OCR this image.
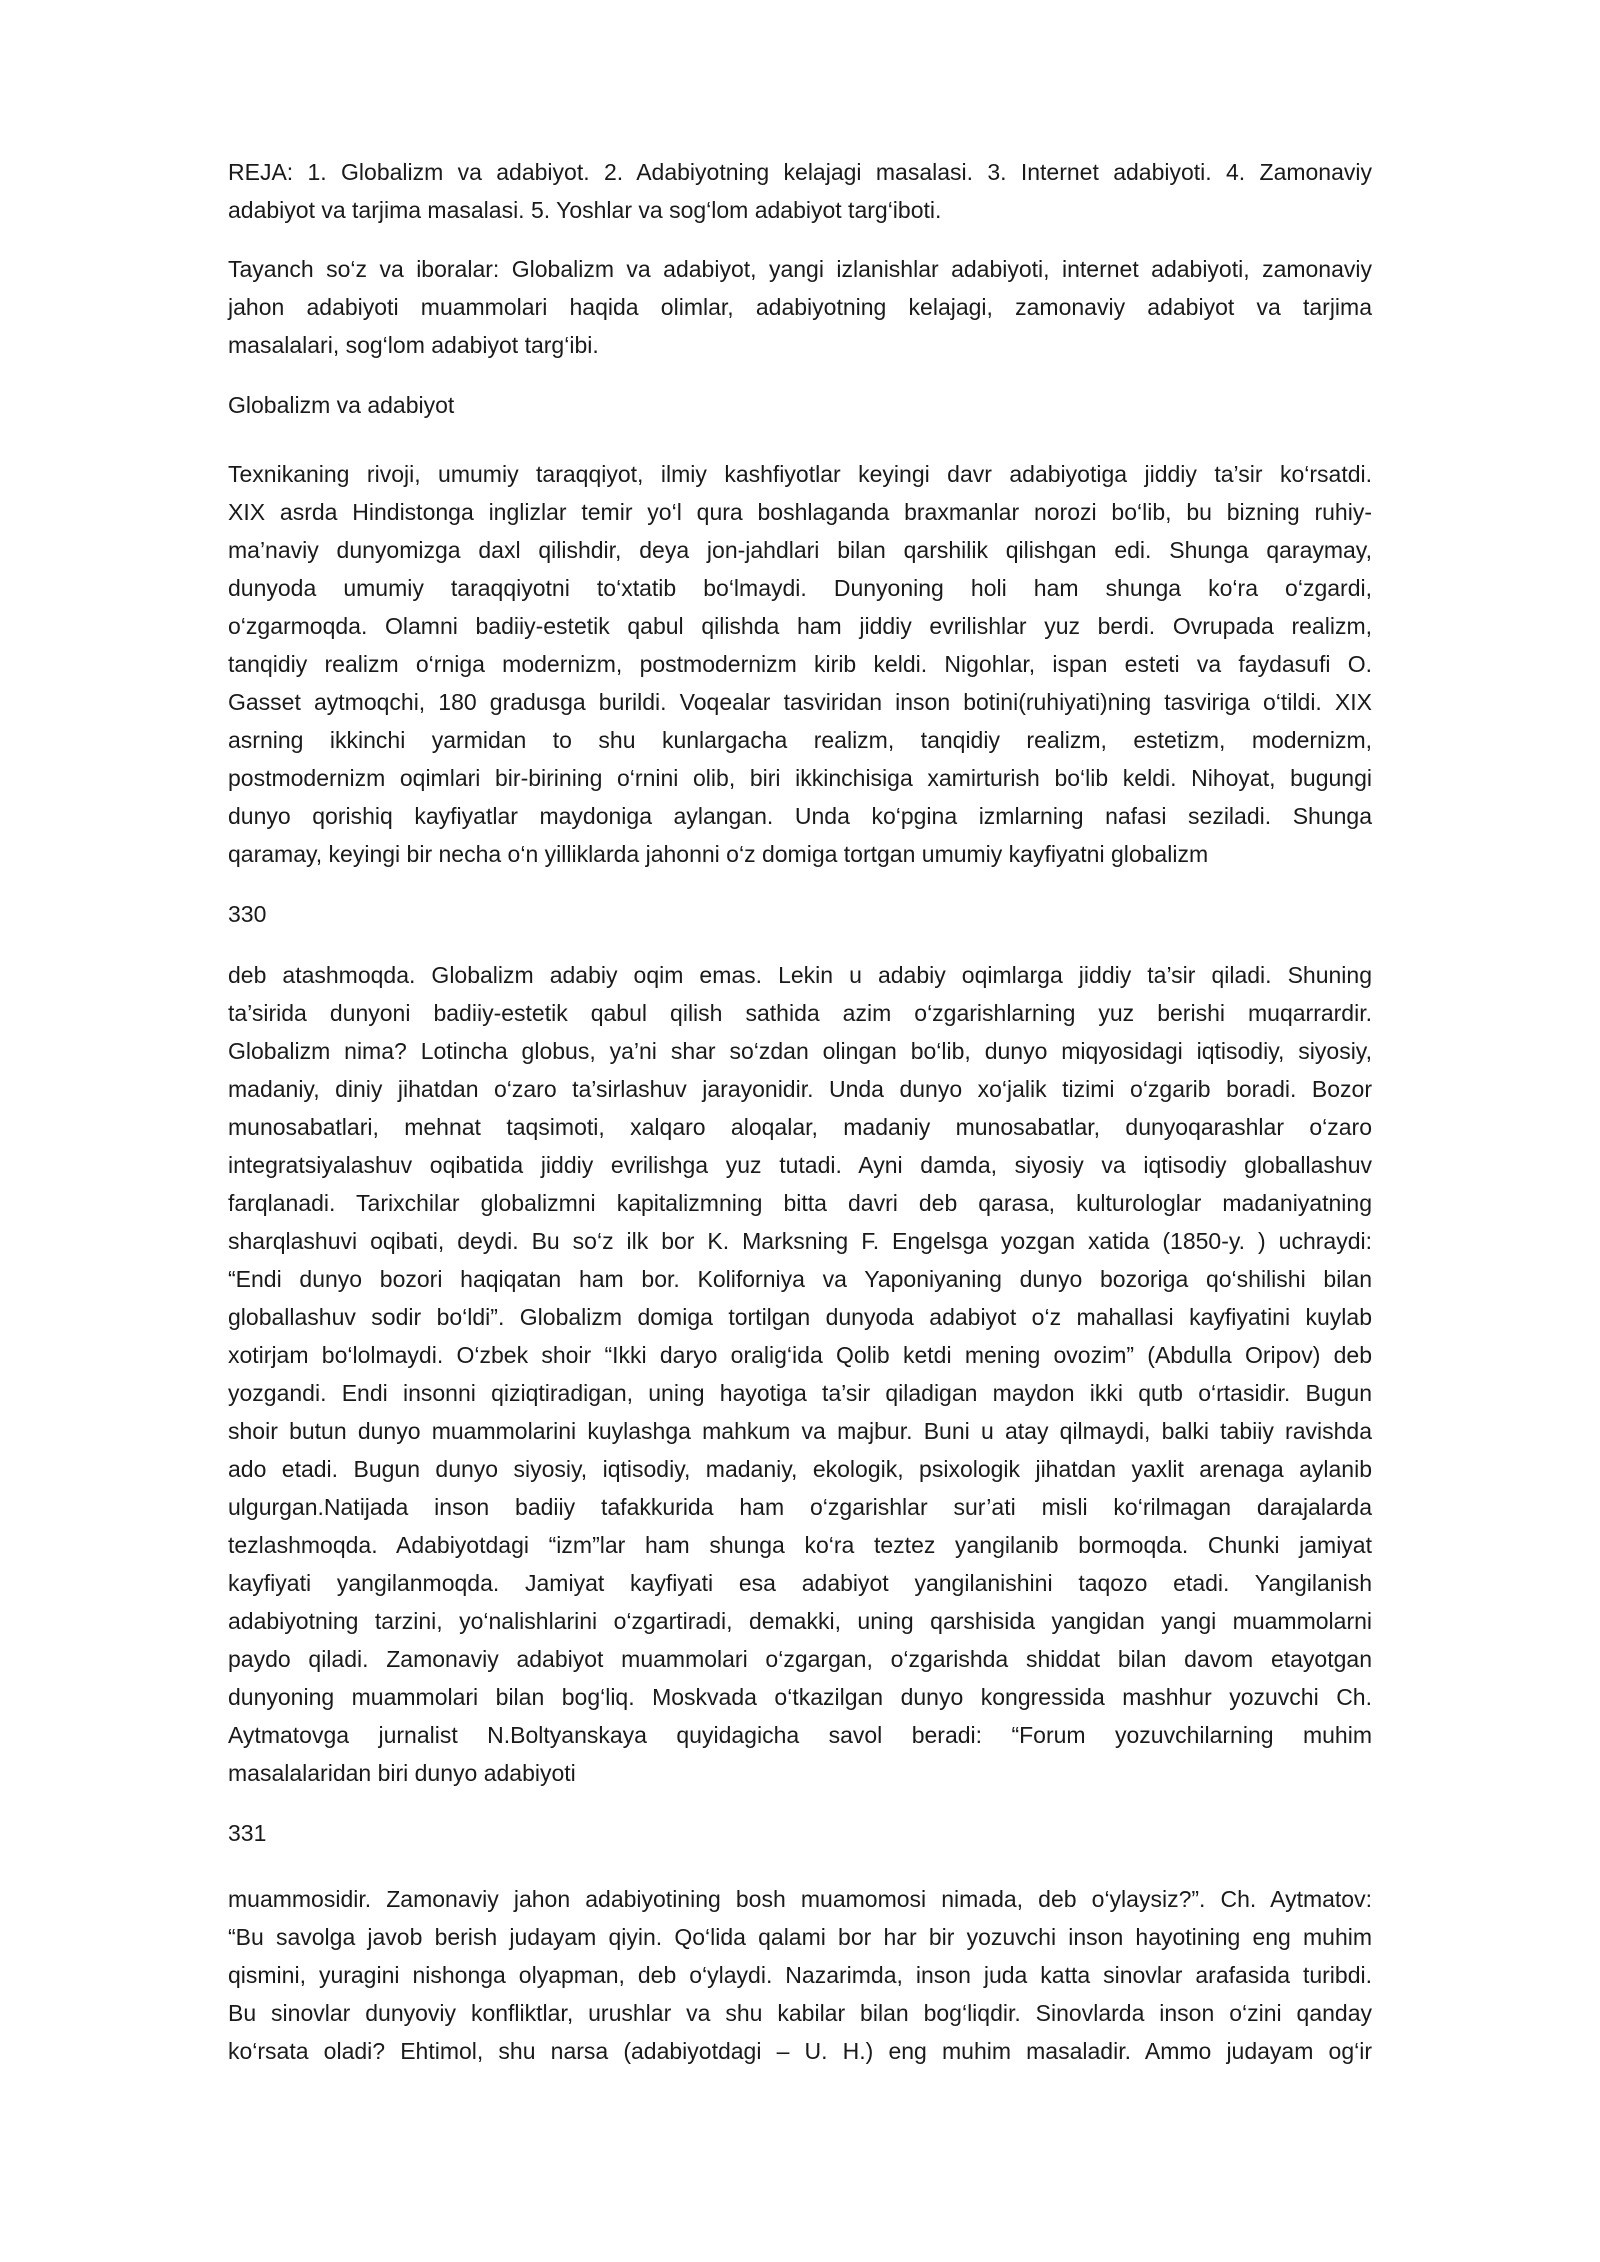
REJA: 1. Globalizm va adabiyot. 2. Adabiyotning kelajagi masalasi. 3. Internet adabiyoti. 4. Zamonaviy

adabiyot va tarjima masalasi. 5. Yoshlar va sog‘lom adabiyot targ‘iboti.

Tayanch so‘z va iboralar: Globalizm va adabiyot, yangi izlanishlar adabiyoti, internet adabiyoti, zamonaviy

jahon adabiyoti muammolari haqida olimlar, adabiyotning kelajagi, zamonaviy adabiyot va tarjima

masalalari, sog‘lom adabiyot targ‘ibi.

Globalizm va adabiyot

Texnikaning rivoji, umumiy taraqqiyot, ilmiy kashfiyotlar keyingi davr adabiyotiga jiddiy ta’sir ko‘rsatdi.

XIX asrda Hindistonga inglizlar temir yo‘l qura boshlaganda braxmanlar norozi bo‘lib, bu bizning ruhiy-

ma’naviy dunyomizga daxl qilishdir, deya jon-jahdlari bilan qarshilik qilishgan edi. Shunga qaraymay,

dunyoda umumiy taraqqiyotni to‘xtatib bo‘lmaydi. Dunyoning holi ham shunga ko‘ra o‘zgardi,

o‘zgarmoqda. Olamni badiiy-estetik qabul qilishda ham jiddiy evrilishlar yuz berdi. Ovrupada realizm,

tanqidiy realizm o‘rniga modernizm, postmodernizm kirib keldi. Nigohlar, ispan esteti va faydasufi O.

Gasset aytmoqchi, 180 gradusga burildi. Voqealar tasviridan inson botini(ruhiyati)ning tasviriga o‘tildi. XIX

asrning ikkinchi yarmidan to shu kunlargacha realizm, tanqidiy realizm, estetizm, modernizm,

postmodernizm oqimlari bir-birining o‘rnini olib, biri ikkinchisiga xamirturish bo‘lib keldi. Nihoyat, bugungi

dunyo qorishiq kayfiyatlar maydoniga aylangan. Unda ko‘pgina izmlarning nafasi seziladi. Shunga

qaramay, keyingi bir necha o‘n yilliklarda jahonni o‘z domiga tortgan umumiy kayfiyatni globalizm

330

deb atashmoqda. Globalizm adabiy oqim emas. Lekin u adabiy oqimlarga jiddiy ta’sir qiladi. Shuning

ta’sirida dunyoni badiiy-estetik qabul qilish sathida azim o‘zgarishlarning yuz berishi muqarrardir.

Globalizm nima? Lotincha globus, ya’ni shar so‘zdan olingan bo‘lib, dunyo miqyosidagi iqtisodiy, siyosiy,

madaniy, diniy jihatdan o‘zaro ta’sirlashuv jarayonidir. Unda dunyo xo‘jalik tizimi o‘zgarib boradi. Bozor

munosabatlari, mehnat taqsimoti, xalqaro aloqalar, madaniy munosabatlar, dunyoqarashlar o‘zaro

integratsiyalashuv oqibatida jiddiy evrilishga yuz tutadi. Ayni damda, siyosiy va iqtisodiy globallashuv

farqlanadi. Tarixchilar globalizmni kapitalizmning bitta davri deb qarasa, kulturologlar madaniyatning

sharqlashuvi oqibati, deydi. Bu so‘z ilk bor K. Marksning F. Engelsga yozgan xatida (1850-y. ) uchraydi:

“Endi dunyo bozori haqiqatan ham bor. Koliforniya va Yaponiyaning dunyo bozoriga qo‘shilishi bilan

globallashuv sodir bo‘ldi”. Globalizm domiga tortilgan dunyoda adabiyot o‘z mahallasi kayfiyatini kuylab

xotirjam bo‘lolmaydi. O‘zbek shoir “Ikki daryo oralig‘ida Qolib ketdi mening ovozim” (Abdulla Oripov) deb

yozgandi. Endi insonni qiziqtiradigan, uning hayotiga ta’sir qiladigan maydon ikki qutb o‘rtasidir. Bugun

shoir butun dunyo muammolarini kuylashga mahkum va majbur. Buni u atay qilmaydi, balki tabiiy ravishda

ado etadi. Bugun dunyo siyosiy, iqtisodiy, madaniy, ekologik, psixologik jihatdan yaxlit arenaga aylanib

ulgurgan.Natijada inson badiiy tafakkurida ham o‘zgarishlar sur’ati misli ko‘rilmagan darajalarda

tezlashmoqda. Adabiyotdagi “izm”lar ham shunga ko‘ra teztez yangilanib bormoqda. Chunki jamiyat

kayfiyati yangilanmoqda. Jamiyat kayfiyati esa adabiyot yangilanishini taqozo etadi. Yangilanish

adabiyotning tarzini, yo‘nalishlarini o‘zgartiradi, demakki, uning qarshisida yangidan yangi muammolarni

paydo qiladi. Zamonaviy adabiyot muammolari o‘zgargan, o‘zgarishda shiddat bilan davom etayotgan

dunyoning muammolari bilan bog‘liq. Moskvada o‘tkazilgan dunyo kongressida mashhur yozuvchi Ch.

Aytmatovga jurnalist N.Boltyanskaya quyidagicha savol beradi: “Forum yozuvchilarning muhim

masalalaridan biri dunyo adabiyoti

331

muammosidir. Zamonaviy jahon adabiyotining bosh muamomosi nimada, deb o‘ylaysiz?”. Ch. Aytmatov:

“Bu savolga javob berish judayam qiyin. Qo‘lida qalami bor har bir yozuvchi inson hayotining eng muhim

qismini, yuragini nishonga olyapman, deb o‘ylaydi. Nazarimda, inson juda katta sinovlar arafasida turibdi.

Bu sinovlar dunyoviy konfliktlar, urushlar va shu kabilar bilan bog‘liqdir. Sinovlarda inson o‘zini qanday

ko‘rsata oladi? Ehtimol, shu narsa (adabiyotdagi – U. H.) eng muhim masaladir. Ammo judayam og‘ir
